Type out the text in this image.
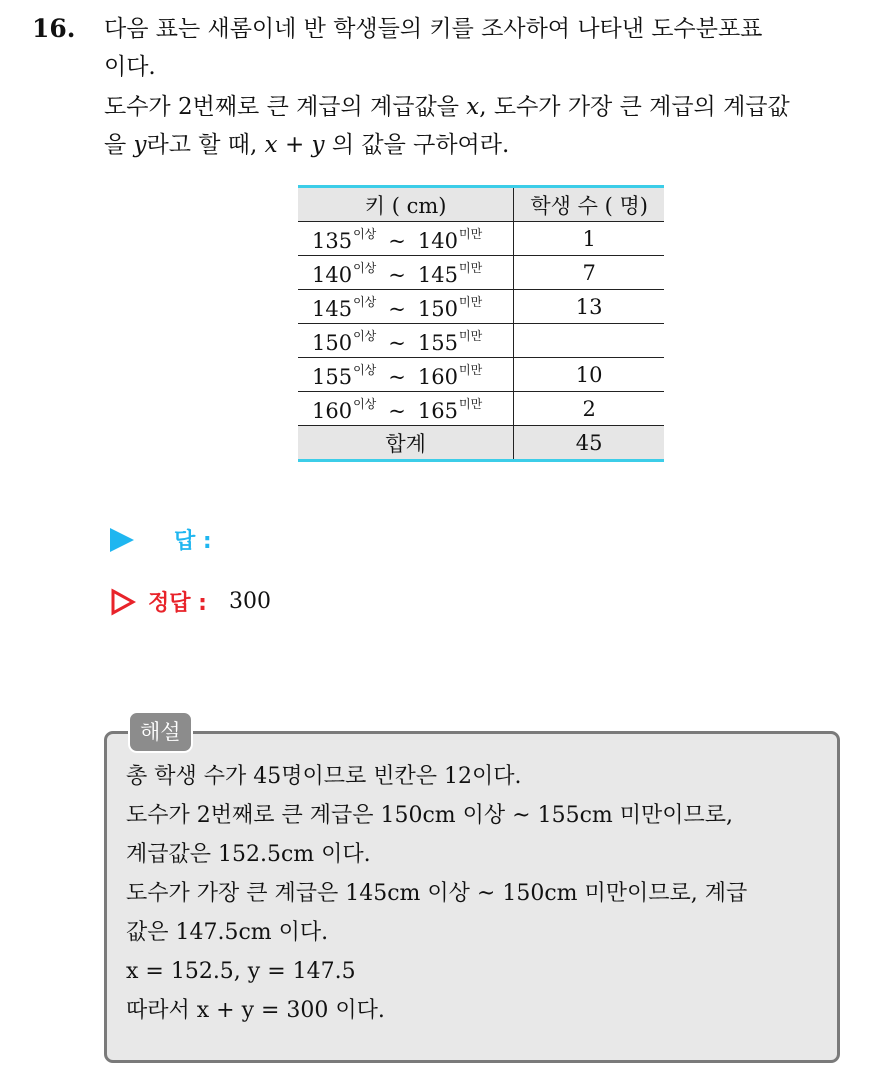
16. 다음 표는 새롬이네 반 학생들의 키를 조사하여 나타낸 도수분포표
이다.
도수가 2번째로 큰 계급의 계급값을 x, 도수가 가장 큰 계급의 계급값
을 y라고 할 때, x + y 의 값을 구하여라.
키 ( cm)	학생 수 ( 명)
$135^{이상}$ ~ $140^{미만}$	1
$140^{이상}$ ~ $145^{미만}$	7
$145^{이상}$ ~ $150^{미만}$	13
$150^{이상}$ ~ $155^{미만}$	
$155^{이상}$ ~ $160^{미만}$	10
$160^{이상}$ ~ $165^{미만}$	2
합계	45
답 :
정답 : 300
해설
총 학생 수가 45명이므로 빈칸은 12이다.
도수가 2번째로 큰 계급은 150cm 이상 ~ 155cm 미만이므로,
계급값은 152.5cm 이다.
도수가 가장 큰 계급은 145cm 이상 ~ 150cm 미만이므로, 계급
값은 147.5cm 이다.
x = 152.5, y = 147.5
따라서 x + y = 300 이다.
